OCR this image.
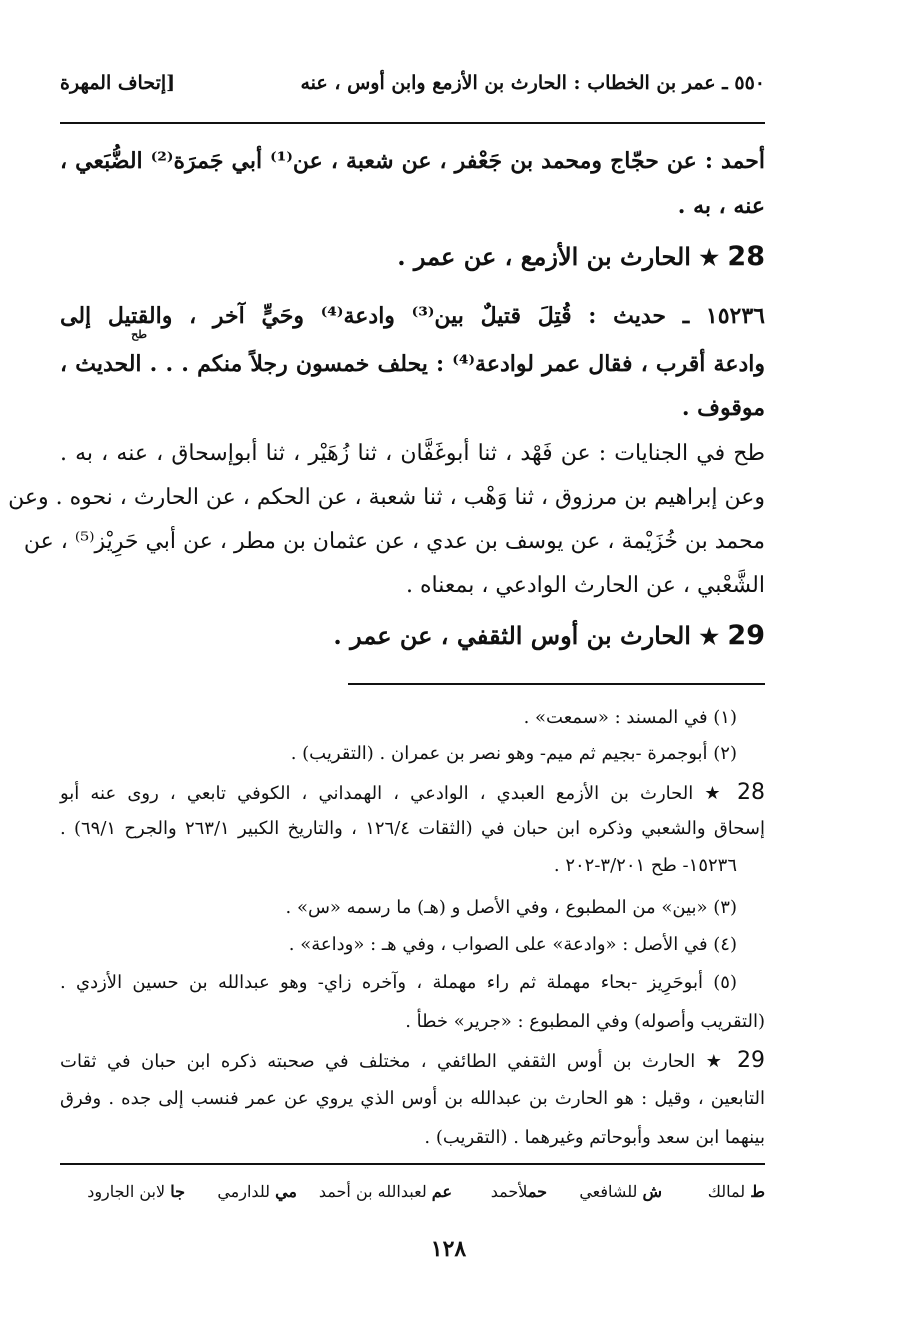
٥٥٠ ـ عمر بن الخطاب : الحارث بن الأزمع وابن أوس ، عنه
[إتحاف المهرة
أحمد : عن حجّاج ومحمد بن جَعْفر ، عن شعبة ، عن⁽¹⁾ أبي جَمرَة⁽²⁾ الضُّبَعي ،
عنه ، به .
28 ★ الحارث بن الأزمع ، عن عمر .
١٥٢٣٦ ـ حديث : قُتِلَ قتيلٌ بين⁽³⁾ وادعة⁽⁴⁾ وحَيٍّ آخر ، والقتيل إلى
طح
وادعة أقرب ، فقال عمر لوادعة⁽⁴⁾ : يحلف خمسون رجلاً منكم . . . الحديث ،
موقوف .
طح في الجنايات : عن فَهْد ، ثنا أبوغَفَّان ، ثنا زُهَيْر ، ثنا أبوإسحاق ، عنه ، به .
وعن إبراهيم بن مرزوق ، ثنا وَهْب ، ثنا شعبة ، عن الحكم ، عن الحارث ، نحوه . وعن
محمد بن خُزَيْمة ، عن يوسف بن عدي ، عن عثمان بن مطر ، عن أبي حَرِيْز⁽⁵⁾ ، عن
الشَّعْبي ، عن الحارث الوادعي ، بمعناه .
29 ★ الحارث بن أوس الثقفي ، عن عمر .
(١) في المسند : «سمعت» .
(٢) أبوجمرة -بجيم ثم ميم- وهو نصر بن عمران . (التقريب) .
28 ★ الحارث بن الأزمع العبدي ، الوادعي ، الهمداني ، الكوفي تابعي ، روى عنه أبو
إسحاق والشعبي وذكره ابن حبان في (الثقات ١٢٦/٤ ، والتاريخ الكبير ٢٦٣/١ والجرح ٦٩/١) .
١٥٢٣٦- طح ٣/٢٠١-٢٠٢ .
(٣) «بين» من المطبوع ، وفي الأصل و (هـ) ما رسمه «س» .
(٤) في الأصل : «وادعة» على الصواب ، وفي هـ : «وداعة» .
(٥) أبوحَرِيز -بحاء مهملة ثم راء مهملة ، وآخره زاي- وهو عبدالله بن حسين الأزدي .
(التقريب وأصوله) وفي المطبوع : «جرير» خطأ .
29 ★ الحارث بن أوس الثقفي الطائفي ، مختلف في صحبته ذكره ابن حبان في ثقات
التابعين ، وقيل : هو الحارث بن عبدالله بن أوس الذي يروي عن عمر فنسب إلى جده . وفرق
بينهما ابن سعد وأبوحاتم وغيرهما . (التقريب) .
ط لمالك
ش للشافعي
حملأحمد
عم لعبدالله بن أحمد
مي للدارمي
جا لابن الجارود
١٢٨
